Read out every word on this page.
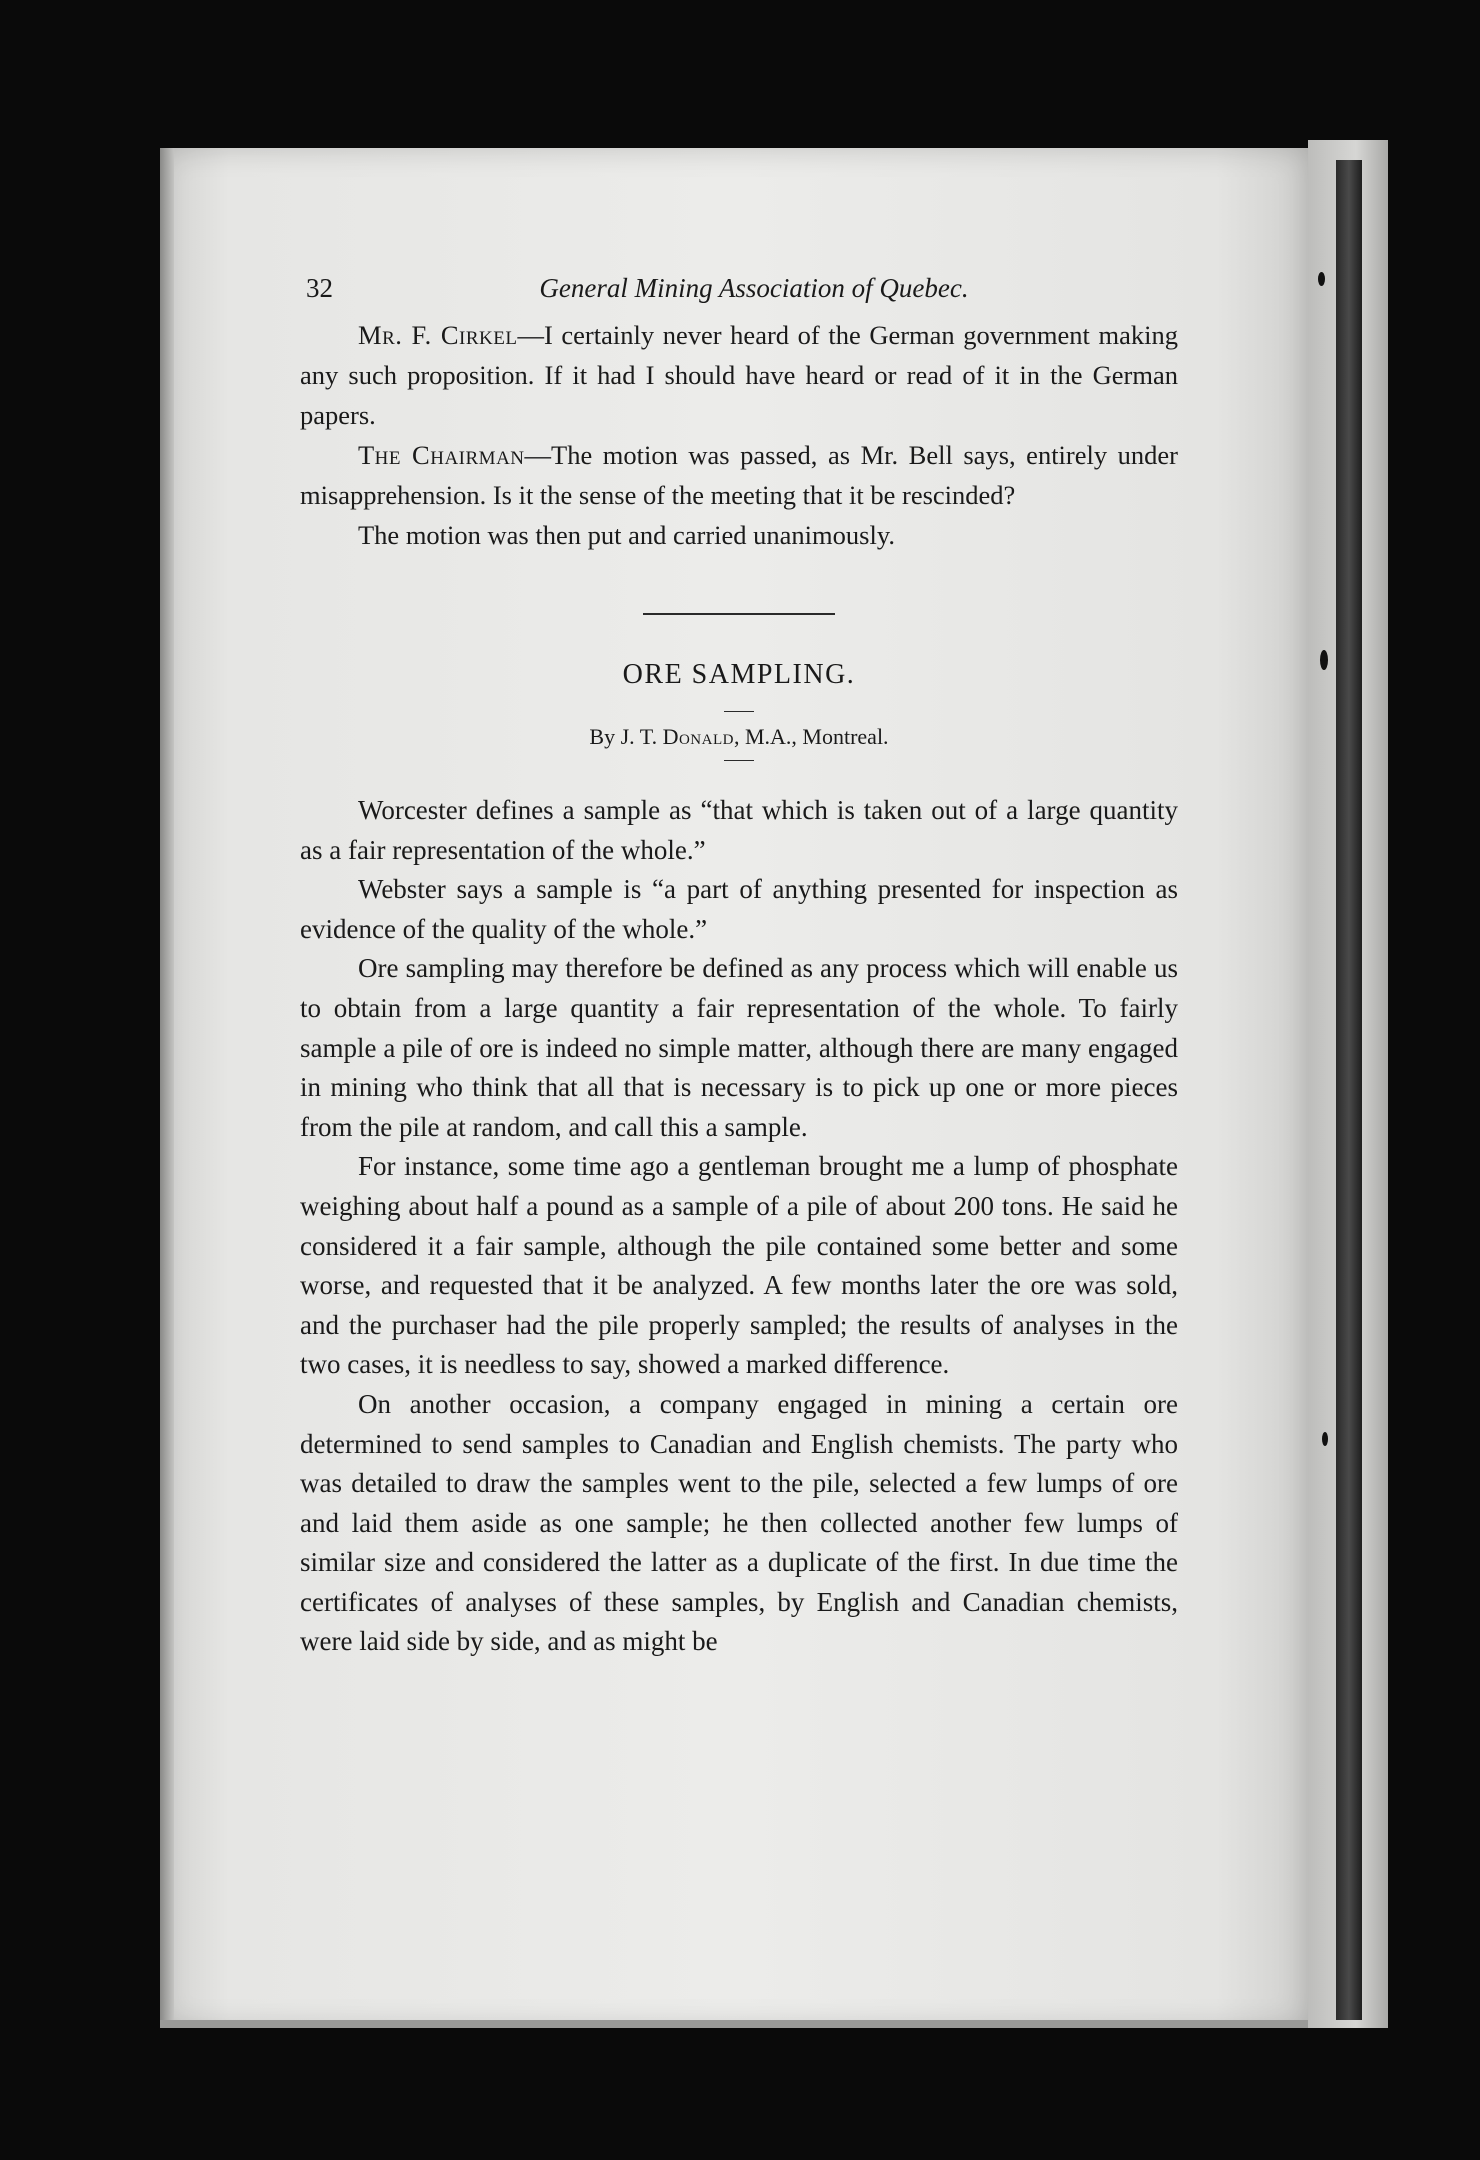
32	General Mining Association of Quebec.

Mr. F. Cirkel—I certainly never heard of the German government making any such proposition. If it had I should have heard or read of it in the German papers.

The Chairman—The motion was passed, as Mr. Bell says, entirely under misapprehension. Is it the sense of the meeting that it be rescinded?

The motion was then put and carried unanimously.

ORE SAMPLING.
By J. T. Donald, M.A., Montreal.

Worcester defines a sample as “that which is taken out of a large quantity as a fair representation of the whole.”

Webster says a sample is “a part of anything presented for inspection as evidence of the quality of the whole.”

Ore sampling may therefore be defined as any process which will enable us to obtain from a large quantity a fair representation of the whole. To fairly sample a pile of ore is indeed no simple matter, although there are many engaged in mining who think that all that is necessary is to pick up one or more pieces from the pile at random, and call this a sample.

For instance, some time ago a gentleman brought me a lump of phosphate weighing about half a pound as a sample of a pile of about 200 tons. He said he considered it a fair sample, although the pile contained some better and some worse, and requested that it be analyzed. A few months later the ore was sold, and the purchaser had the pile properly sampled; the results of analyses in the two cases, it is needless to say, showed a marked difference.

On another occasion, a company engaged in mining a certain ore determined to send samples to Canadian and English chemists. The party who was detailed to draw the samples went to the pile, selected a few lumps of ore and laid them aside as one sample; he then collected another few lumps of similar size and considered the latter as a duplicate of the first. In due time the certificates of analyses of these samples, by English and Canadian chemists, were laid side by side, and as might be
